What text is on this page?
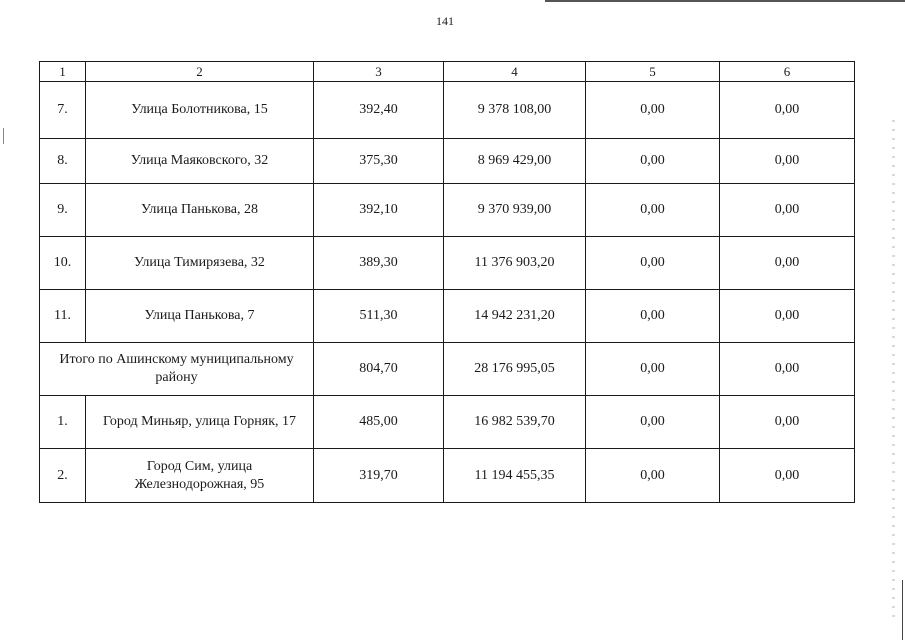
141
1	2	3	4	5	6
7.	Улица Болотникова, 15	392,40	9 378 108,00	0,00	0,00
8.	Улица Маяковского, 32	375,30	8 969 429,00	0,00	0,00
9.	Улица Панькова, 28	392,10	9 370 939,00	0,00	0,00
10.	Улица Тимирязева, 32	389,30	11 376 903,20	0,00	0,00
11.	Улица Панькова, 7	511,30	14 942 231,20	0,00	0,00
Итого по Ашинскому муниципальному району		804,70	28 176 995,05	0,00	0,00
1.	Город Миньяр, улица Горняк, 17	485,00	16 982 539,70	0,00	0,00
2.	Город Сим, улица Железнодорожная, 95	319,70	11 194 455,35	0,00	0,00
